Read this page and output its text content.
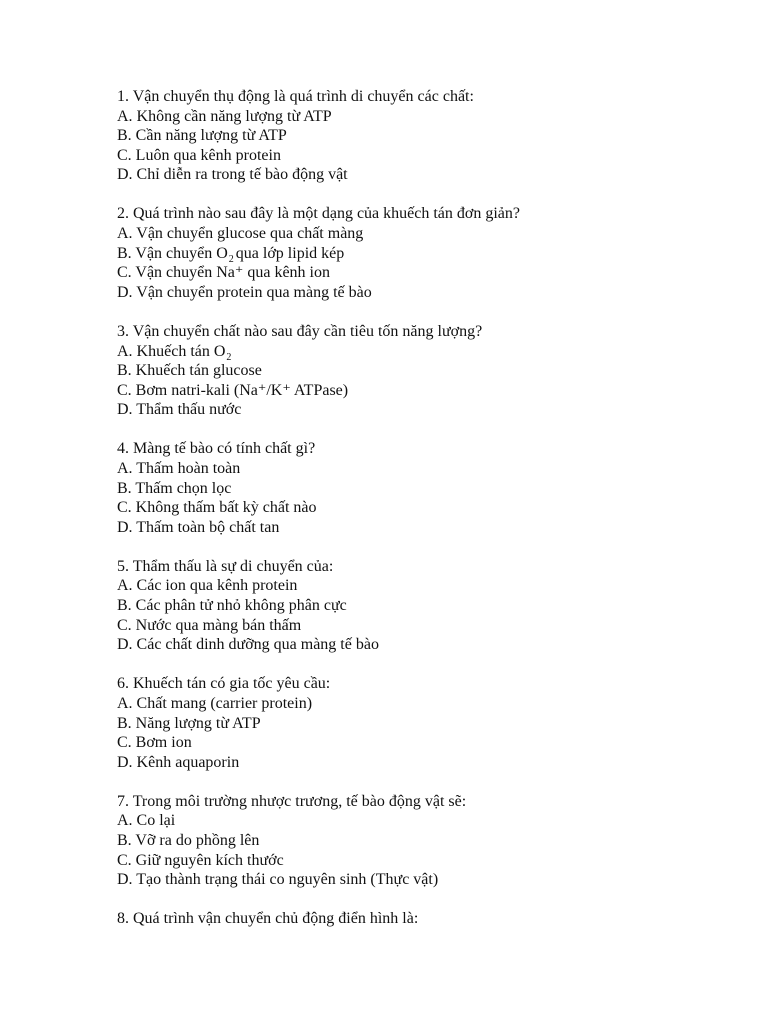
1. Vận chuyển thụ động là quá trình di chuyển các chất:
A. Không cần năng lượng từ ATP
B. Cần năng lượng từ ATP
C. Luôn qua kênh protein
D. Chỉ diễn ra trong tế bào động vật
2. Quá trình nào sau đây là một dạng của khuếch tán đơn giản?
A. Vận chuyển glucose qua chất màng
B. Vận chuyển $O_2$ qua lớp lipid kép
C. Vận chuyển Na⁺ qua kênh ion
D. Vận chuyển protein qua màng tế bào
3. Vận chuyển chất nào sau đây cần tiêu tốn năng lượng?
A. Khuếch tán $O_2$
B. Khuếch tán glucose
C. Bơm natri-kali (Na⁺/K⁺ ATPase)
D. Thẩm thấu nước
4. Màng tế bào có tính chất gì?
A. Thấm hoàn toàn
B. Thấm chọn lọc
C. Không thấm bất kỳ chất nào
D. Thấm toàn bộ chất tan
5. Thẩm thấu là sự di chuyển của:
A. Các ion qua kênh protein
B. Các phân tử nhỏ không phân cực
C. Nước qua màng bán thấm
D. Các chất dinh dưỡng qua màng tế bào
6. Khuếch tán có gia tốc yêu cầu:
A. Chất mang (carrier protein)
B. Năng lượng từ ATP
C. Bơm ion
D. Kênh aquaporin
7. Trong môi trường nhược trương, tế bào động vật sẽ:
A. Co lại
B. Vỡ ra do phồng lên
C. Giữ nguyên kích thước
D. Tạo thành trạng thái co nguyên sinh (Thực vật)
8. Quá trình vận chuyển chủ động điển hình là:
